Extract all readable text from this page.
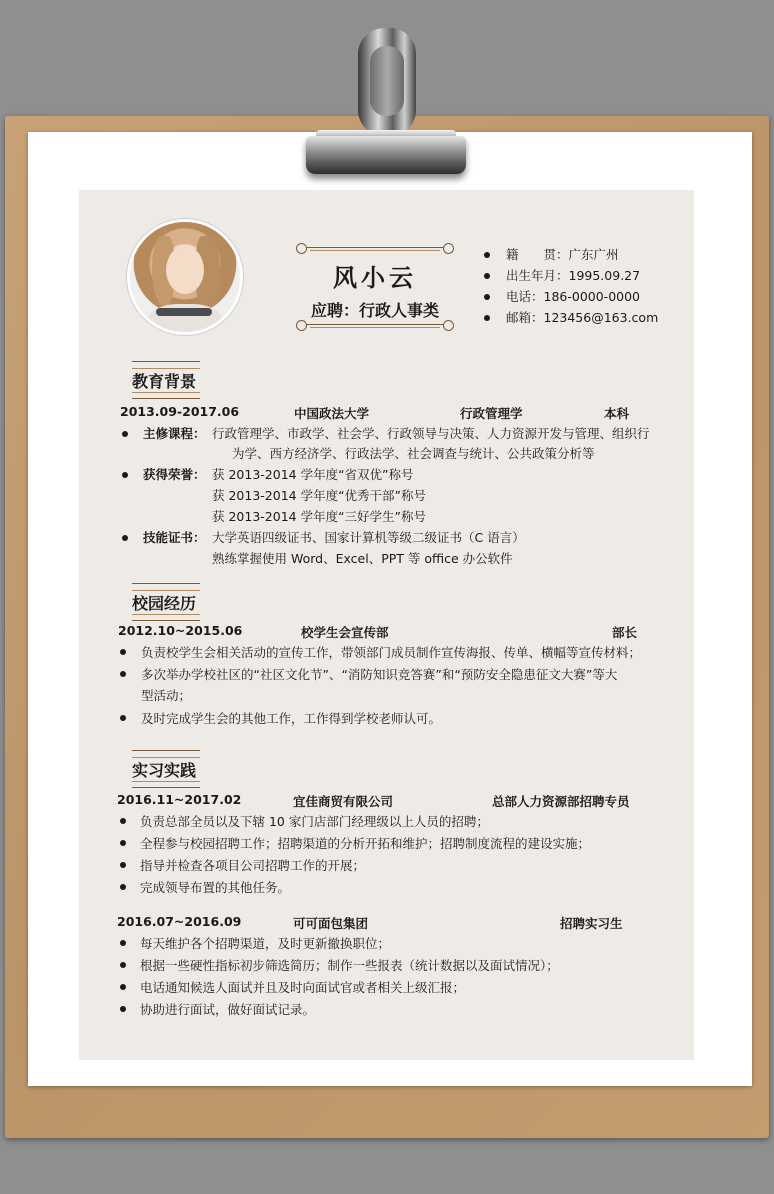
风小云
应聘：行政人事类
籍　　贯：广东广州
出生年月：1995.09.27
电话：186-0000-0000
邮箱：123456@163.com
教育背景
2013.09-2017.06	中国政法大学	行政管理学	本科
主修课程： 行政管理学、市政学、社会学、行政领导与决策、人力资源开发与管理、组织行
为学、西方经济学、行政法学、社会调查与统计、公共政策分析等
获得荣誉： 获 2013-2014 学年度“省双优”称号
获 2013-2014 学年度“优秀干部”称号
获 2013-2014 学年度“三好学生”称号
技能证书： 大学英语四级证书、国家计算机等级二级证书（C 语言）
熟练掌握使用 Word、Excel、PPT 等 office 办公软件
校园经历
2012.10~2015.06	校学生会宣传部	部长
负责校学生会相关活动的宣传工作，带领部门成员制作宣传海报、传单、横幅等宣传材料；
多次举办学校社区的“社区文化节”、“消防知识竞答赛”和“预防安全隐患征文大赛”等大
型活动；
及时完成学生会的其他工作，工作得到学校老师认可。
实习实践
2016.11~2017.02	宜佳商贸有限公司	总部人力资源部招聘专员
负责总部全员以及下辖 10 家门店部门经理级以上人员的招聘；
全程参与校园招聘工作；招聘渠道的分析开拓和维护；招聘制度流程的建设实施；
指导并检查各项目公司招聘工作的开展；
完成领导布置的其他任务。
2016.07~2016.09	可可面包集团	招聘实习生
每天维护各个招聘渠道，及时更新撤换职位；
根据一些硬性指标初步筛选简历；制作一些报表（统计数据以及面试情况）；
电话通知候选人面试并且及时向面试官或者相关上级汇报；
协助进行面试，做好面试记录。
